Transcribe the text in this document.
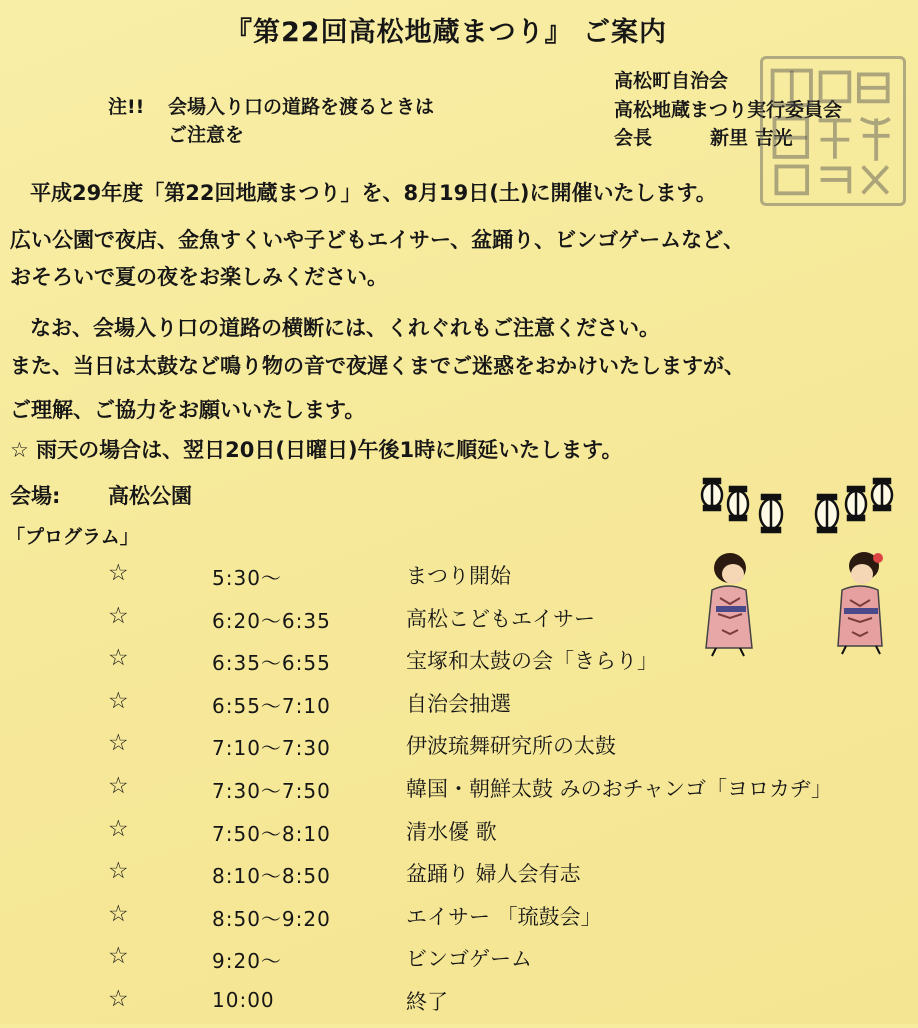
『第22回高松地蔵まつり』 ご案内
注!! 会場入り口の道路を渡るときは
ご注意を
高松町自治会
高松地蔵まつり実行委員会
会長	新里 吉光
平成29年度「第22回地蔵まつり」を、8月19日(土)に開催いたします。
広い公園で夜店、金魚すくいや子どもエイサー、盆踊り、ビンゴゲームなど、
おそろいで夏の夜をお楽しみください。
なお、会場入り口の道路の横断には、くれぐれもご注意ください。
また、当日は太鼓など鳴り物の音で夜遅くまでご迷惑をおかけいたしますが、
ご理解、ご協力をお願いいたします。
☆ 雨天の場合は、翌日20日(日曜日)午後1時に順延いたします。
会場: 高松公園
「プログラム」
☆	5:30〜	まつり開始
☆	6:20〜6:35	高松こどもエイサー
☆	6:35〜6:55	宝塚和太鼓の会「きらり」
☆	6:55〜7:10	自治会抽選
☆	7:10〜7:30	伊波琉舞研究所の太鼓
☆	7:30〜7:50	韓国・朝鮮太鼓 みのおチャンゴ「ヨロカヂ」
☆	7:50〜8:10	清水優 歌
☆	8:10〜8:50	盆踊り 婦人会有志
☆	8:50〜9:20	エイサー 「琉鼓会」
☆	9:20〜	ビンゴゲーム
☆	10:00	終了
